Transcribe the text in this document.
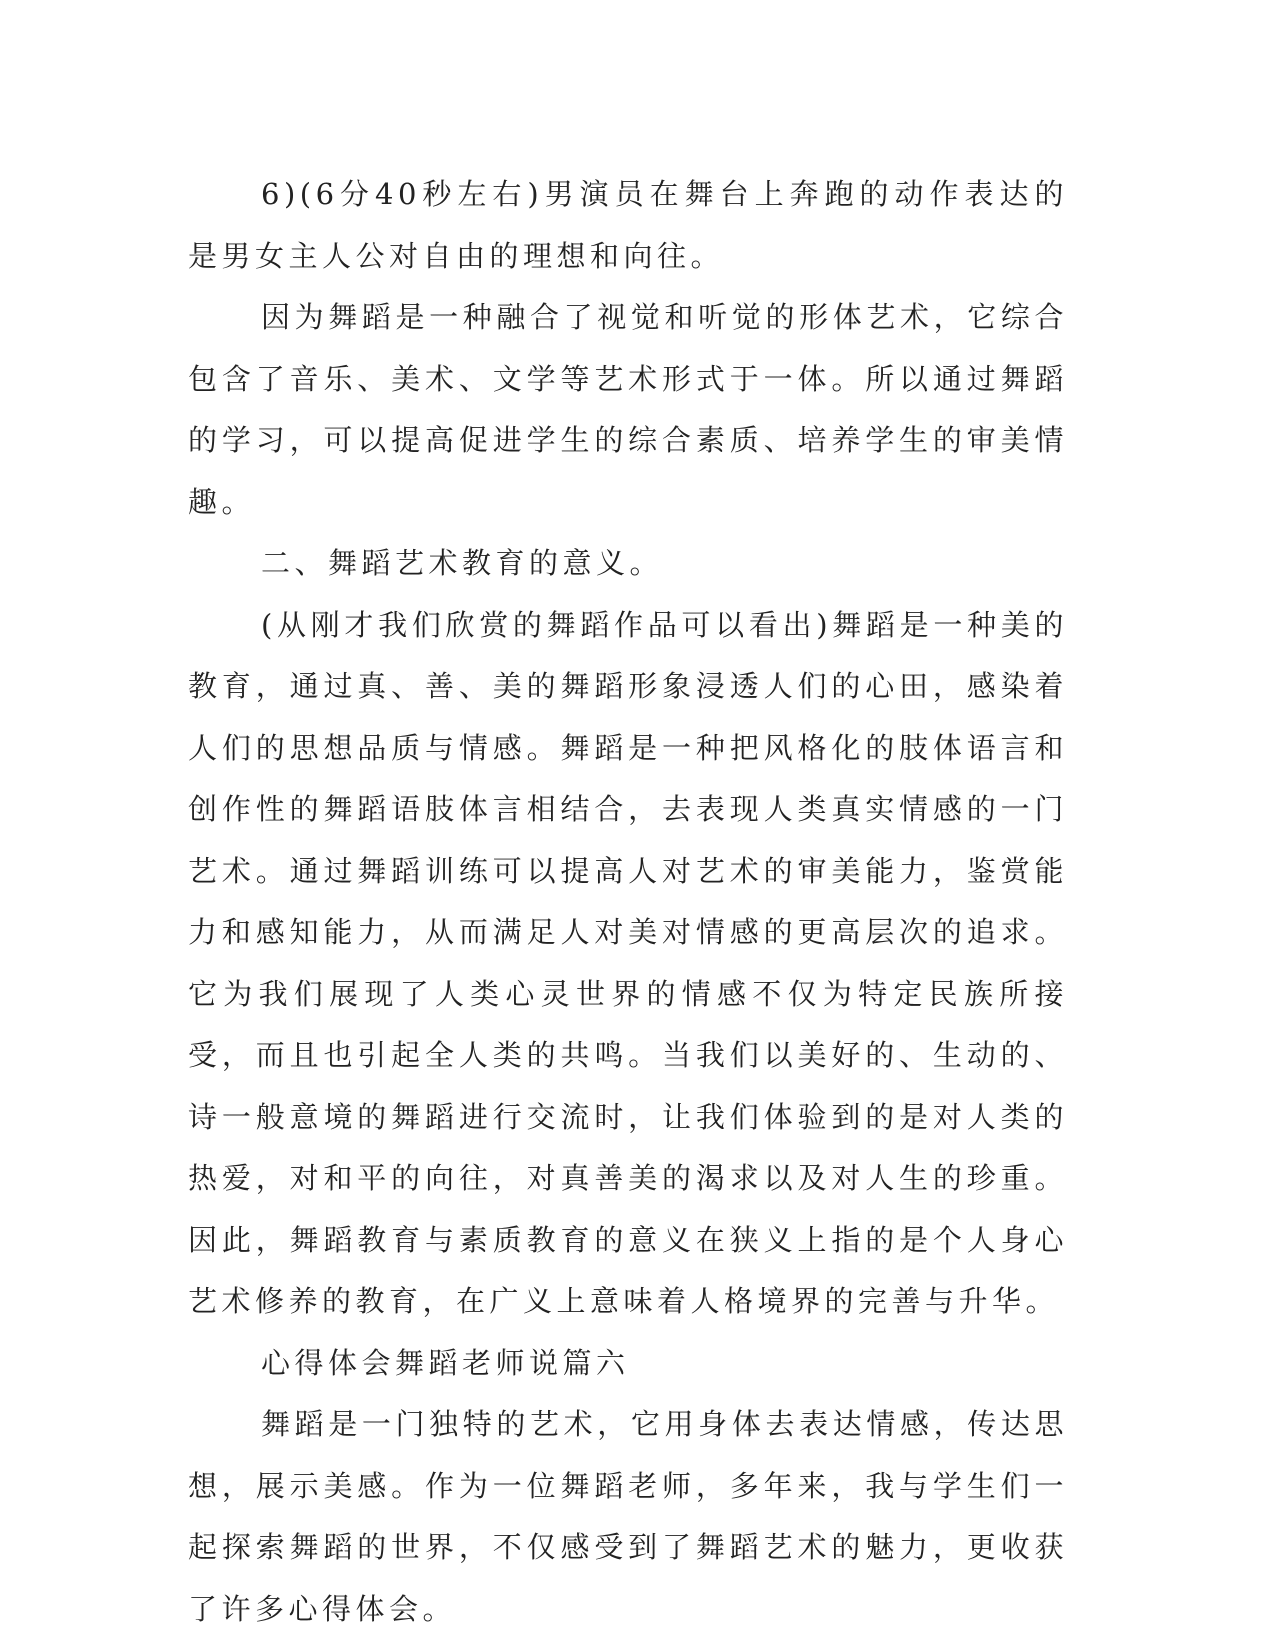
6)(6分40秒左右)男演员在舞台上奔跑的动作表达的是男女主人公对自由的理想和向往。

因为舞蹈是一种融合了视觉和听觉的形体艺术，它综合包含了音乐、美术、文学等艺术形式于一体。所以通过舞蹈的学习，可以提高促进学生的综合素质、培养学生的审美情趣。

二、舞蹈艺术教育的意义。

(从刚才我们欣赏的舞蹈作品可以看出)舞蹈是一种美的教育，通过真、善、美的舞蹈形象浸透人们的心田，感染着人们的思想品质与情感。舞蹈是一种把风格化的肢体语言和创作性的舞蹈语肢体言相结合，去表现人类真实情感的一门艺术。通过舞蹈训练可以提高人对艺术的审美能力，鉴赏能力和感知能力，从而满足人对美对情感的更高层次的追求。它为我们展现了人类心灵世界的情感不仅为特定民族所接受，而且也引起全人类的共鸣。当我们以美好的、生动的、诗一般意境的舞蹈进行交流时，让我们体验到的是对人类的热爱，对和平的向往，对真善美的渴求以及对人生的珍重。因此，舞蹈教育与素质教育的意义在狭义上指的是个人身心艺术修养的教育，在广义上意味着人格境界的完善与升华。

心得体会舞蹈老师说篇六

舞蹈是一门独特的艺术，它用身体去表达情感，传达思想，展示美感。作为一位舞蹈老师，多年来，我与学生们一起探索舞蹈的世界，不仅感受到了舞蹈艺术的魅力，更收获了许多心得体会。
